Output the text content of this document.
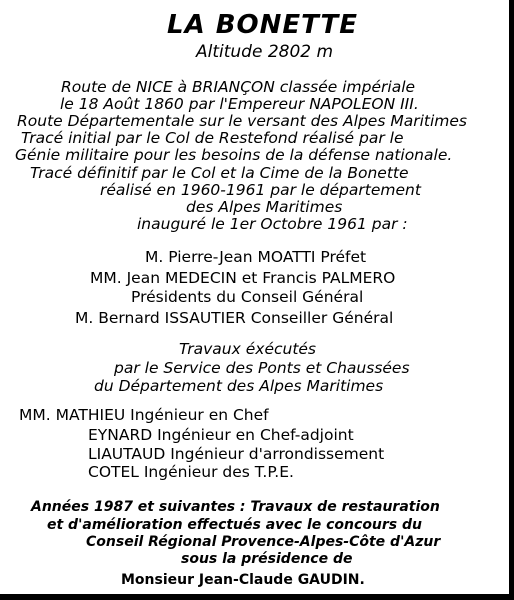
LA BONETTE
Altitude 2802 m
Route de NICE à BRIANÇON classée impériale
le 18 Août 1860 par l'Empereur NAPOLEON III.
Route Départementale sur le versant des Alpes Maritimes
Tracé initial par le Col de Restefond réalisé par le
Génie militaire pour les besoins de la défense nationale.
Tracé définitif par le Col et la Cime de la Bonette
réalisé en 1960-1961 par le département
des Alpes Maritimes
inauguré le 1er Octobre 1961 par :
M. Pierre-Jean MOATTI Préfet
MM. Jean MEDECIN et Francis PALMERO
Présidents du Conseil Général
M. Bernard ISSAUTIER Conseiller Général
Travaux éxécutés
par le Service des Ponts et Chaussées
du Département des Alpes Maritimes
MM. MATHIEU Ingénieur en Chef
EYNARD Ingénieur en Chef-adjoint
LIAUTAUD Ingénieur d'arrondissement
COTEL Ingénieur des T.P.E.
Années 1987 et suivantes : Travaux de restauration
et d'amélioration effectués avec le concours du
Conseil Régional Provence-Alpes-Côte d'Azur
sous la présidence de
Monsieur Jean-Claude GAUDIN.
